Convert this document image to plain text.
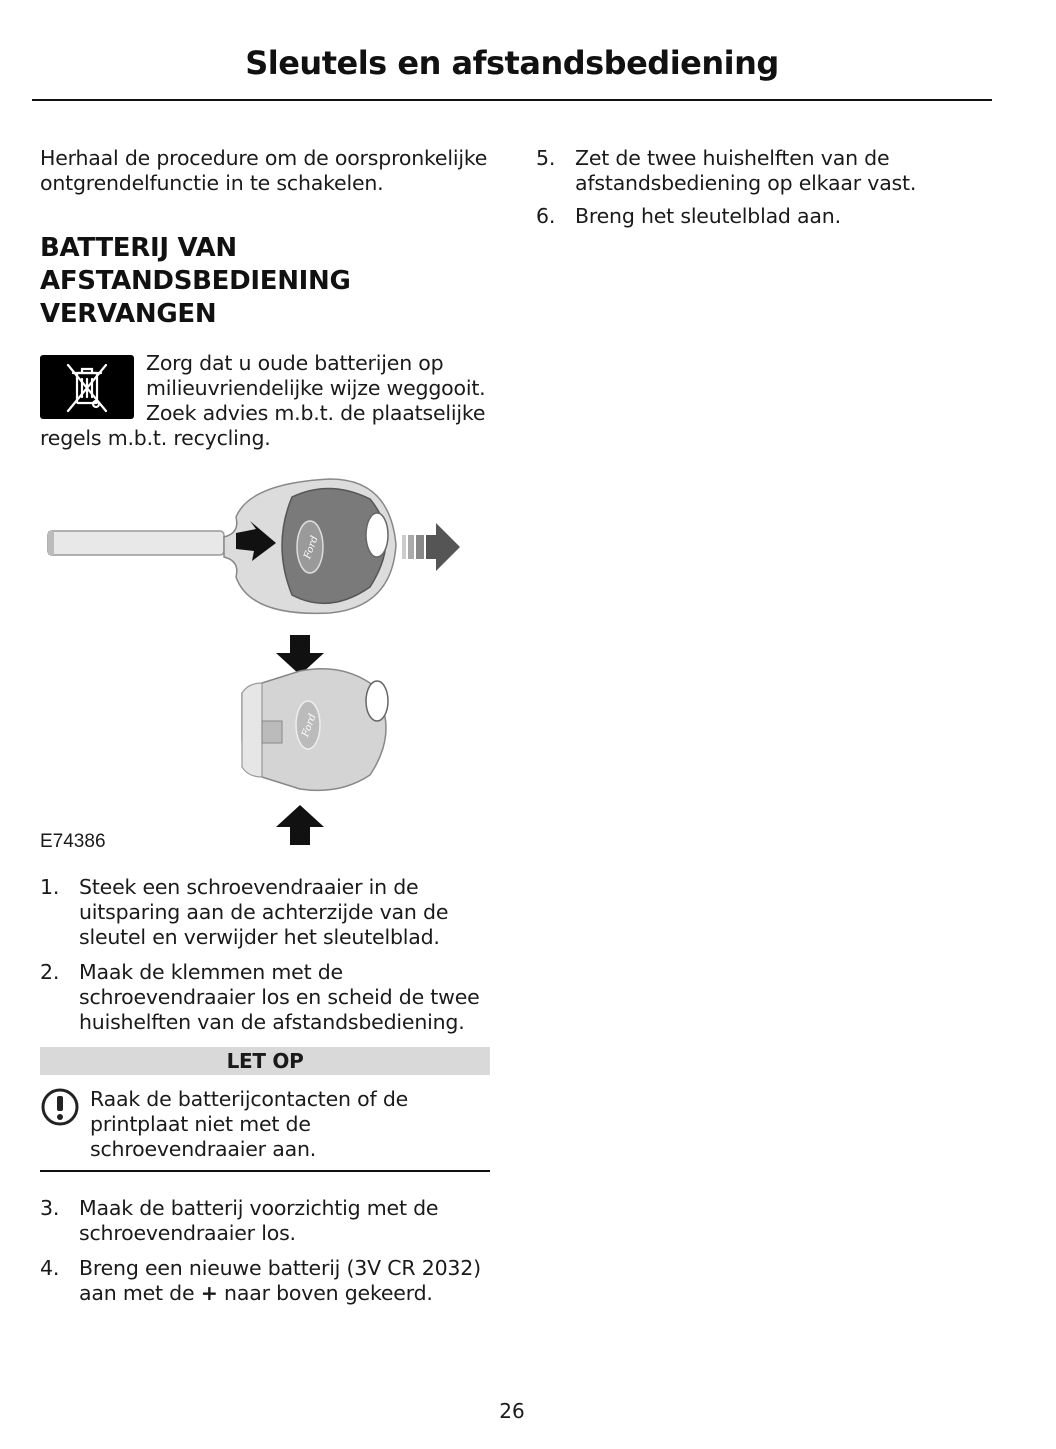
Sleutels en afstandsbediening

Herhaal de procedure om de oorspronkelijke ontgrendelfunctie in te schakelen.

BATTERIJ VAN
AFSTANDSBEDIENING
VERVANGEN

Zorg dat u oude batterijen op milieuvriendelijke wijze weggooit. Zoek advies m.b.t. de plaatselijke regels m.b.t. recycling.

Ford
Ford
E74386
1. Steek een schroevendraaier in de uitsparing aan de achterzijde van de sleutel en verwijder het sleutelblad.
2. Maak de klemmen met de schroevendraaier los en scheid de twee huishelften van de afstandsbediening.
LET OP

Raak de batterijcontacten of de printplaat niet met de schroevendraaier aan.

3. Maak de batterij voorzichtig met de schroevendraaier los.
4. Breng een nieuwe batterij (3V CR 2032) aan met de + naar boven gekeerd.
5. Zet de twee huishelften van de afstandsbediening op elkaar vast.
6. Breng het sleutelblad aan.
26
